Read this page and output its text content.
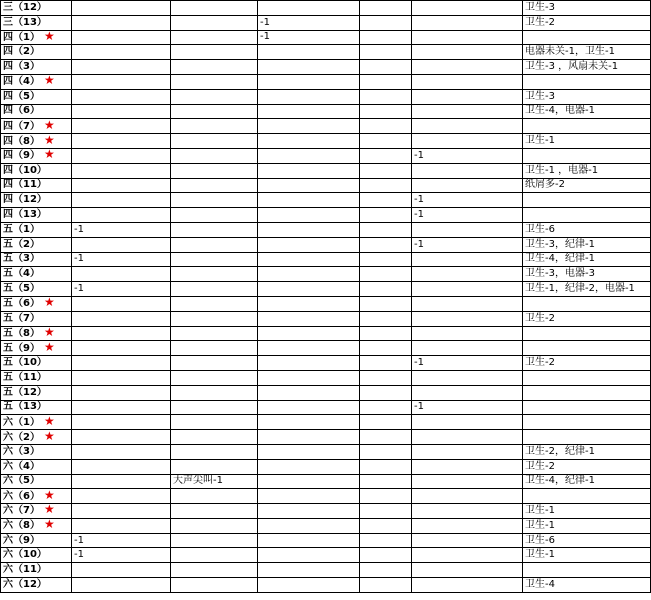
三（12）						卫生-3
三（13）			-1			卫生-2
四（1） ★			-1			
四（2）						电器未关-1，卫生-1
四（3）						卫生-3 ，风扇未关-1
四（4） ★						
四（5）						卫生-3
四（6）						卫生-4，电器-1
四（7） ★						
四（8） ★						卫生-1
四（9） ★					-1	
四（10）						卫生-1 ，电器-1
四（11）						纸屑多-2
四（12）					-1	
四（13）					-1	
五（1）	-1					卫生-6
五（2）					-1	卫生-3，纪律-1
五（3）	-1					卫生-4，纪律-1
五（4）						卫生-3，电器-3
五（5）	-1					卫生-1，纪律-2，电器-1
五（6） ★						
五（7）						卫生-2
五（8） ★						
五（9） ★						
五（10）					-1	卫生-2
五（11）						
五（12）						
五（13）					-1	
六（1） ★						
六（2） ★						
六（3）						卫生-2，纪律-1
六（4）						卫生-2
六（5）		大声尖叫-1				卫生-4，纪律-1
六（6） ★						
六（7） ★						卫生-1
六（8） ★						卫生-1
六（9）	-1					卫生-6
六（10）	-1					卫生-1
六（11）						
六（12）						卫生-4
